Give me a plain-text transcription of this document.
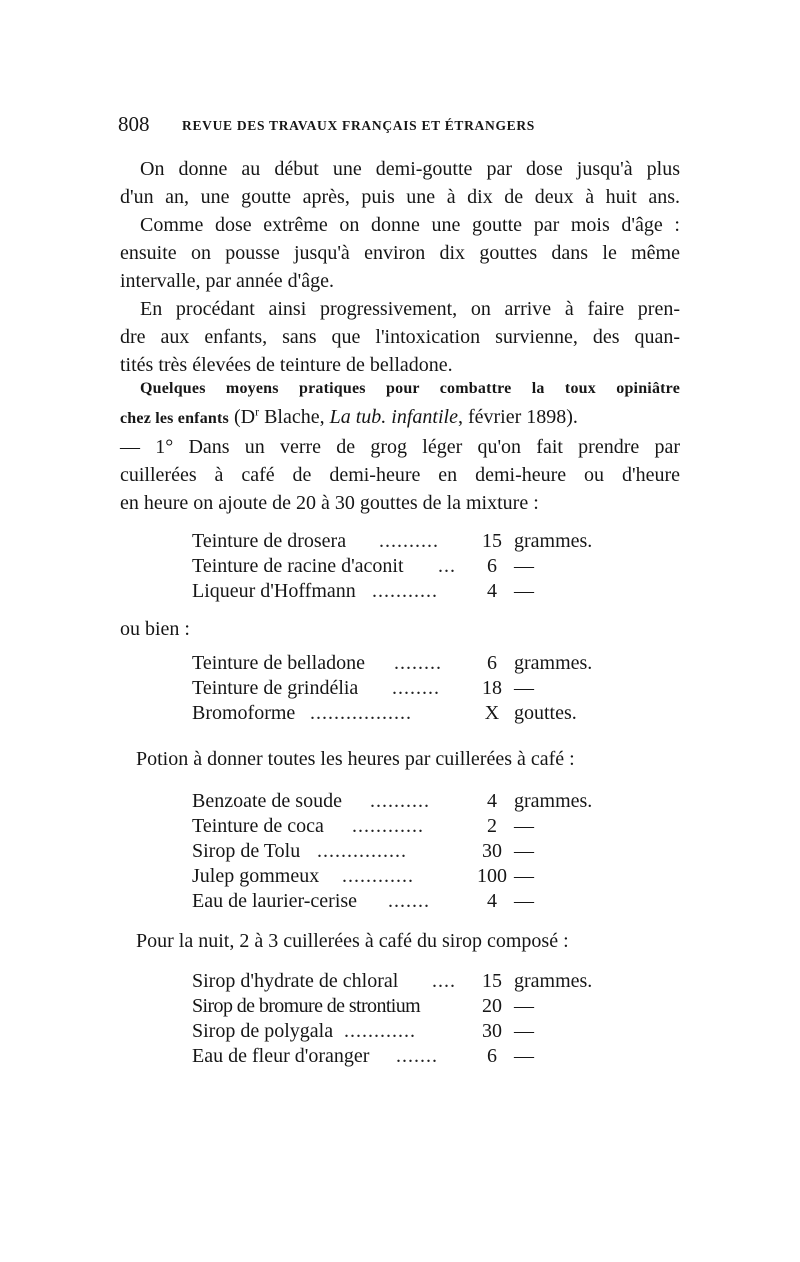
808 REVUE DES TRAVAUX FRANÇAIS ET ÉTRANGERS

On donne au début une demi-goutte par dose jusqu'à plus
d'un an, une goutte après, puis une à dix de deux à huit ans.
Comme dose extrême on donne une goutte par mois d'âge :
ensuite on pousse jusqu'à environ dix gouttes dans le même
intervalle, par année d'âge.
En procédant ainsi progressivement, on arrive à faire pren-
dre aux enfants, sans que l'intoxication survienne, des quan-
tités très élevées de teinture de belladone.

Quelques moyens pratiques pour combattre la toux opiniâtre
chez les enfants ($D^r$ Blache, La tub. infantile, février 1898).
— 1° Dans un verre de grog léger qu'on fait prendre par
cuillerées à café de demi-heure en demi-heure ou d'heure
en heure on ajoute de 20 à 30 gouttes de la mixture :

Teinture de drosera ..........	15 grammes.
Teinture de racine d'aconit ...	6 —
Liqueur d'Hoffmann ...........	4 —
ou bien :
Teinture de belladone ........	6 grammes.
Teinture de grindélia ........	18 —
Bromoforme .................	X gouttes.
Potion à donner toutes les heures par cuillerées à café :
Benzoate de soude ..........	4 grammes.
Teinture de coca ............	2 —
Sirop de Tolu ...............	30 —
Julep gommeux ............	100 —
Eau de laurier-cerise .......	4 —
Pour la nuit, 2 à 3 cuillerées à café du sirop composé :
Sirop d'hydrate de chloral ....	15 grammes.
Sirop de bromure de strontium	20 —
Sirop de polygala ............	30 —
Eau de fleur d'oranger .......	6 —
